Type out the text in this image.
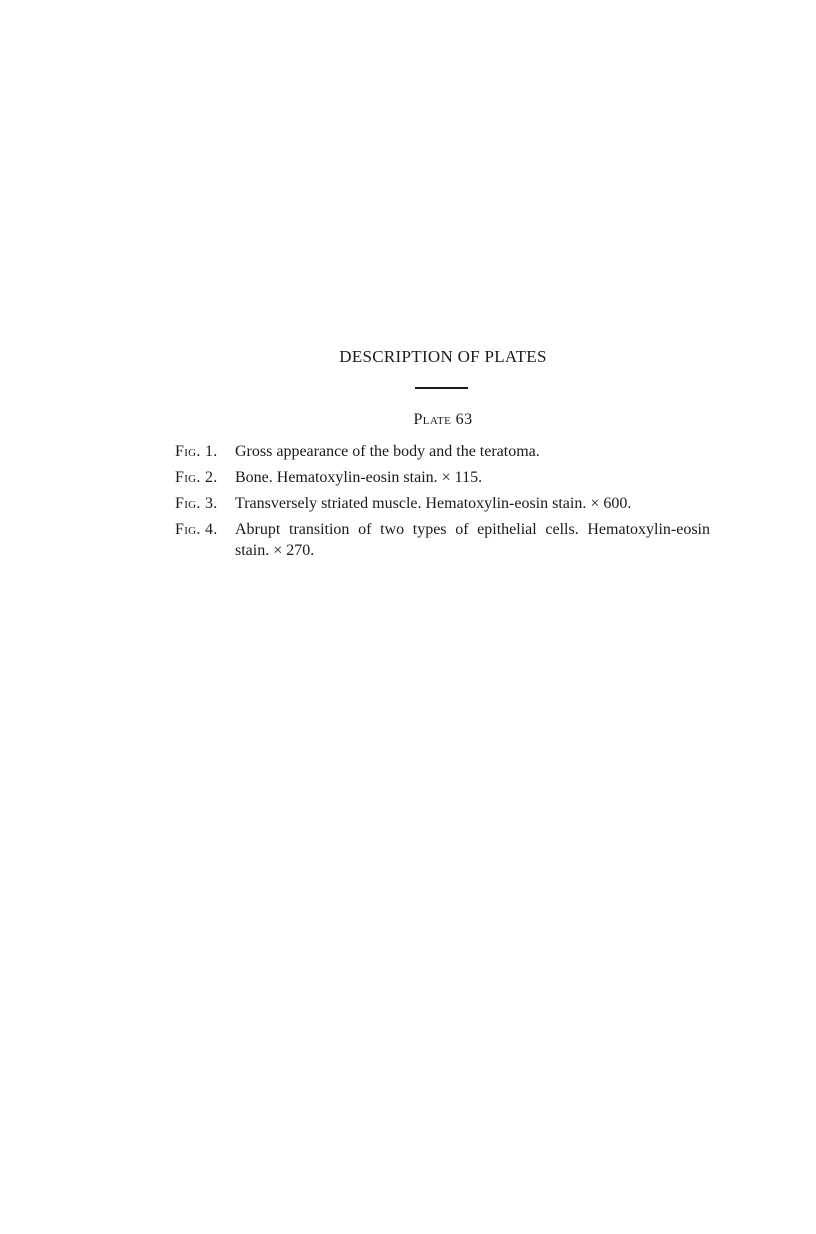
DESCRIPTION OF PLATES
Plate 63
Fig. 1. Gross appearance of the body and the teratoma.
Fig. 2. Bone. Hematoxylin-eosin stain. × 115.
Fig. 3. Transversely striated muscle. Hematoxylin-eosin stain. × 600.
Fig. 4. Abrupt transition of two types of epithelial cells. Hematoxylin-eosin stain. × 270.
